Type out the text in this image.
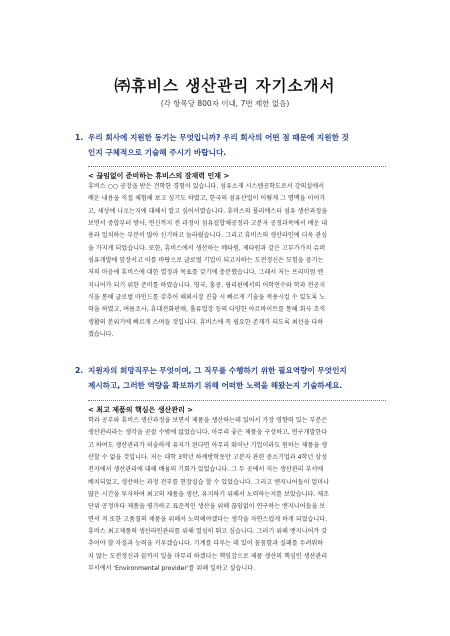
㈜휴비스 생산관리 자기소개서
(각 항목당 800자 이내, 7번 제한 없음)
1. 우리 회사에 지원한 동기는 무엇입니까? 우리 회사의 어떤 점 때문에 지원한 것
인지 구체적으로 기술해 주시기 바랍니다.
< 끊임없이 준비하는 휴비스의 잠재력 인재 >
휴비스 ○○ 공장을 받은 견학한 경험이 있습니다. 섬유소재 시스템공학도로서 강의실에서
배운 내용을 직접 체험해 보고 싶기도 하였고, 한국의 섬유산업이 어떻게 그 명맥을 이어가
고, 세상에 나오는지에 대해서 알고 싶어서였습니다. 휴비스의 폴리에스터 섬유 생산과정을
보면서 중합부터 방사, 연신까지 전 과정이 섬유집합체공정과 고분자 공정과목에서 배운 내
용과 일치하는 부분이 많아 신기하고 놀라웠습니다. 그리고 휴비스의 생산라인에 더욱 관심
을 가지게 되었습니다. 또한, 휴비스에서 생산하는 메타원, 제타원과 같은 고부가가치 슈퍼
섬유개발에 앞장서고 이를 바탕으로 글로벌 기업이 되고자하는 도전정신은 모험을 즐기는
저의 마음에 휴비스에 대한 열정과 목표를 갖기에 충분했습니다. 그래서 저는 프리미엄 엔
지니어가 되기 위한 준비를 하였습니다. 영국, 홍콩, 필리핀에서의 어학연수와 학과 전공지
식을 통해 글로벌 마인드를 갖추어 해외시장 진출 시 빠르게 기술을 적용시킬 수 있도록 노
력을 하였고, 여름조사, 휴대전화판매, 홀류업장 등의 다양한 아르바이트를 통해 회사 조직
생활의 분위기에 빠르게 스며들 것입니다. 휴비스에 꼭 필요한 존재가 되도록 최선을 다하
겠습니다.
2. 지원자의 희망직무는 무엇이며, 그 직무를 수행하기 위한 필요역량이 무엇인지
제시하고, 그러한 역량을 확보하기 위해 어떠한 노력을 해왔는지 기술하세요.
< 최고 제품의 핵심은 생산관리 >
학과 공부와 휴비스 생산과정을 보면서 제품을 생산하는데 있어서 가장 영향력 있는 부분은
생산관리라는 생각을 곧잘 수밖에 없었습니다. 아무리 좋은 제품을 구상하고, 연구개발한다
고 하여도 생산관리가 허술하게 유지가 된다면 아무리 뛰어난 기업이라도 원하는 제품을 생
산할 수 없을 것입니다. 저는 대학 3학년 하계방학동안 고분자 관련 중소기업과 4학년 삼성
전자에서 생산관리에 대해 배움의 기회가 있었습니다. 그 두 곳에서 저는 생산관리 부서에
배치되었고, 생산하는 과정 전부를 현장실습 할 수 있었습니다. 그리고 엔지니어들이 얼마나
많은 시간을 투자하여 최고의 제품을 생산, 유지하기 위해서 노력하는지를 보았습니다. 제조
단위 공정마다 제품을 평가하고 표준적인 생산을 위해 끊임없이 연구하는 엔지니어들을 보
면서 저 또한 고품질의 제품을 위해서 노력해야겠다는 생각을 자연스럽게 하게 되었습니다.
휴비스 최고제품의 생산라인관리를 위해 열심히 뛰고 싶습니다. 그러기 위해 엔지니어가 갖
추어야 할 자질과 능력을 키우겠습니다. 기계를 다루는 데 있어 꼼꼼함과 실패를 두려워하
지 않는 도전정신과 끝까지 일을 마무리 하겠다는 책임감으로 제품 생산의 핵심인 생산관리
부서에서 'Environmental provider'를 위해 일하고 싶습니다.
